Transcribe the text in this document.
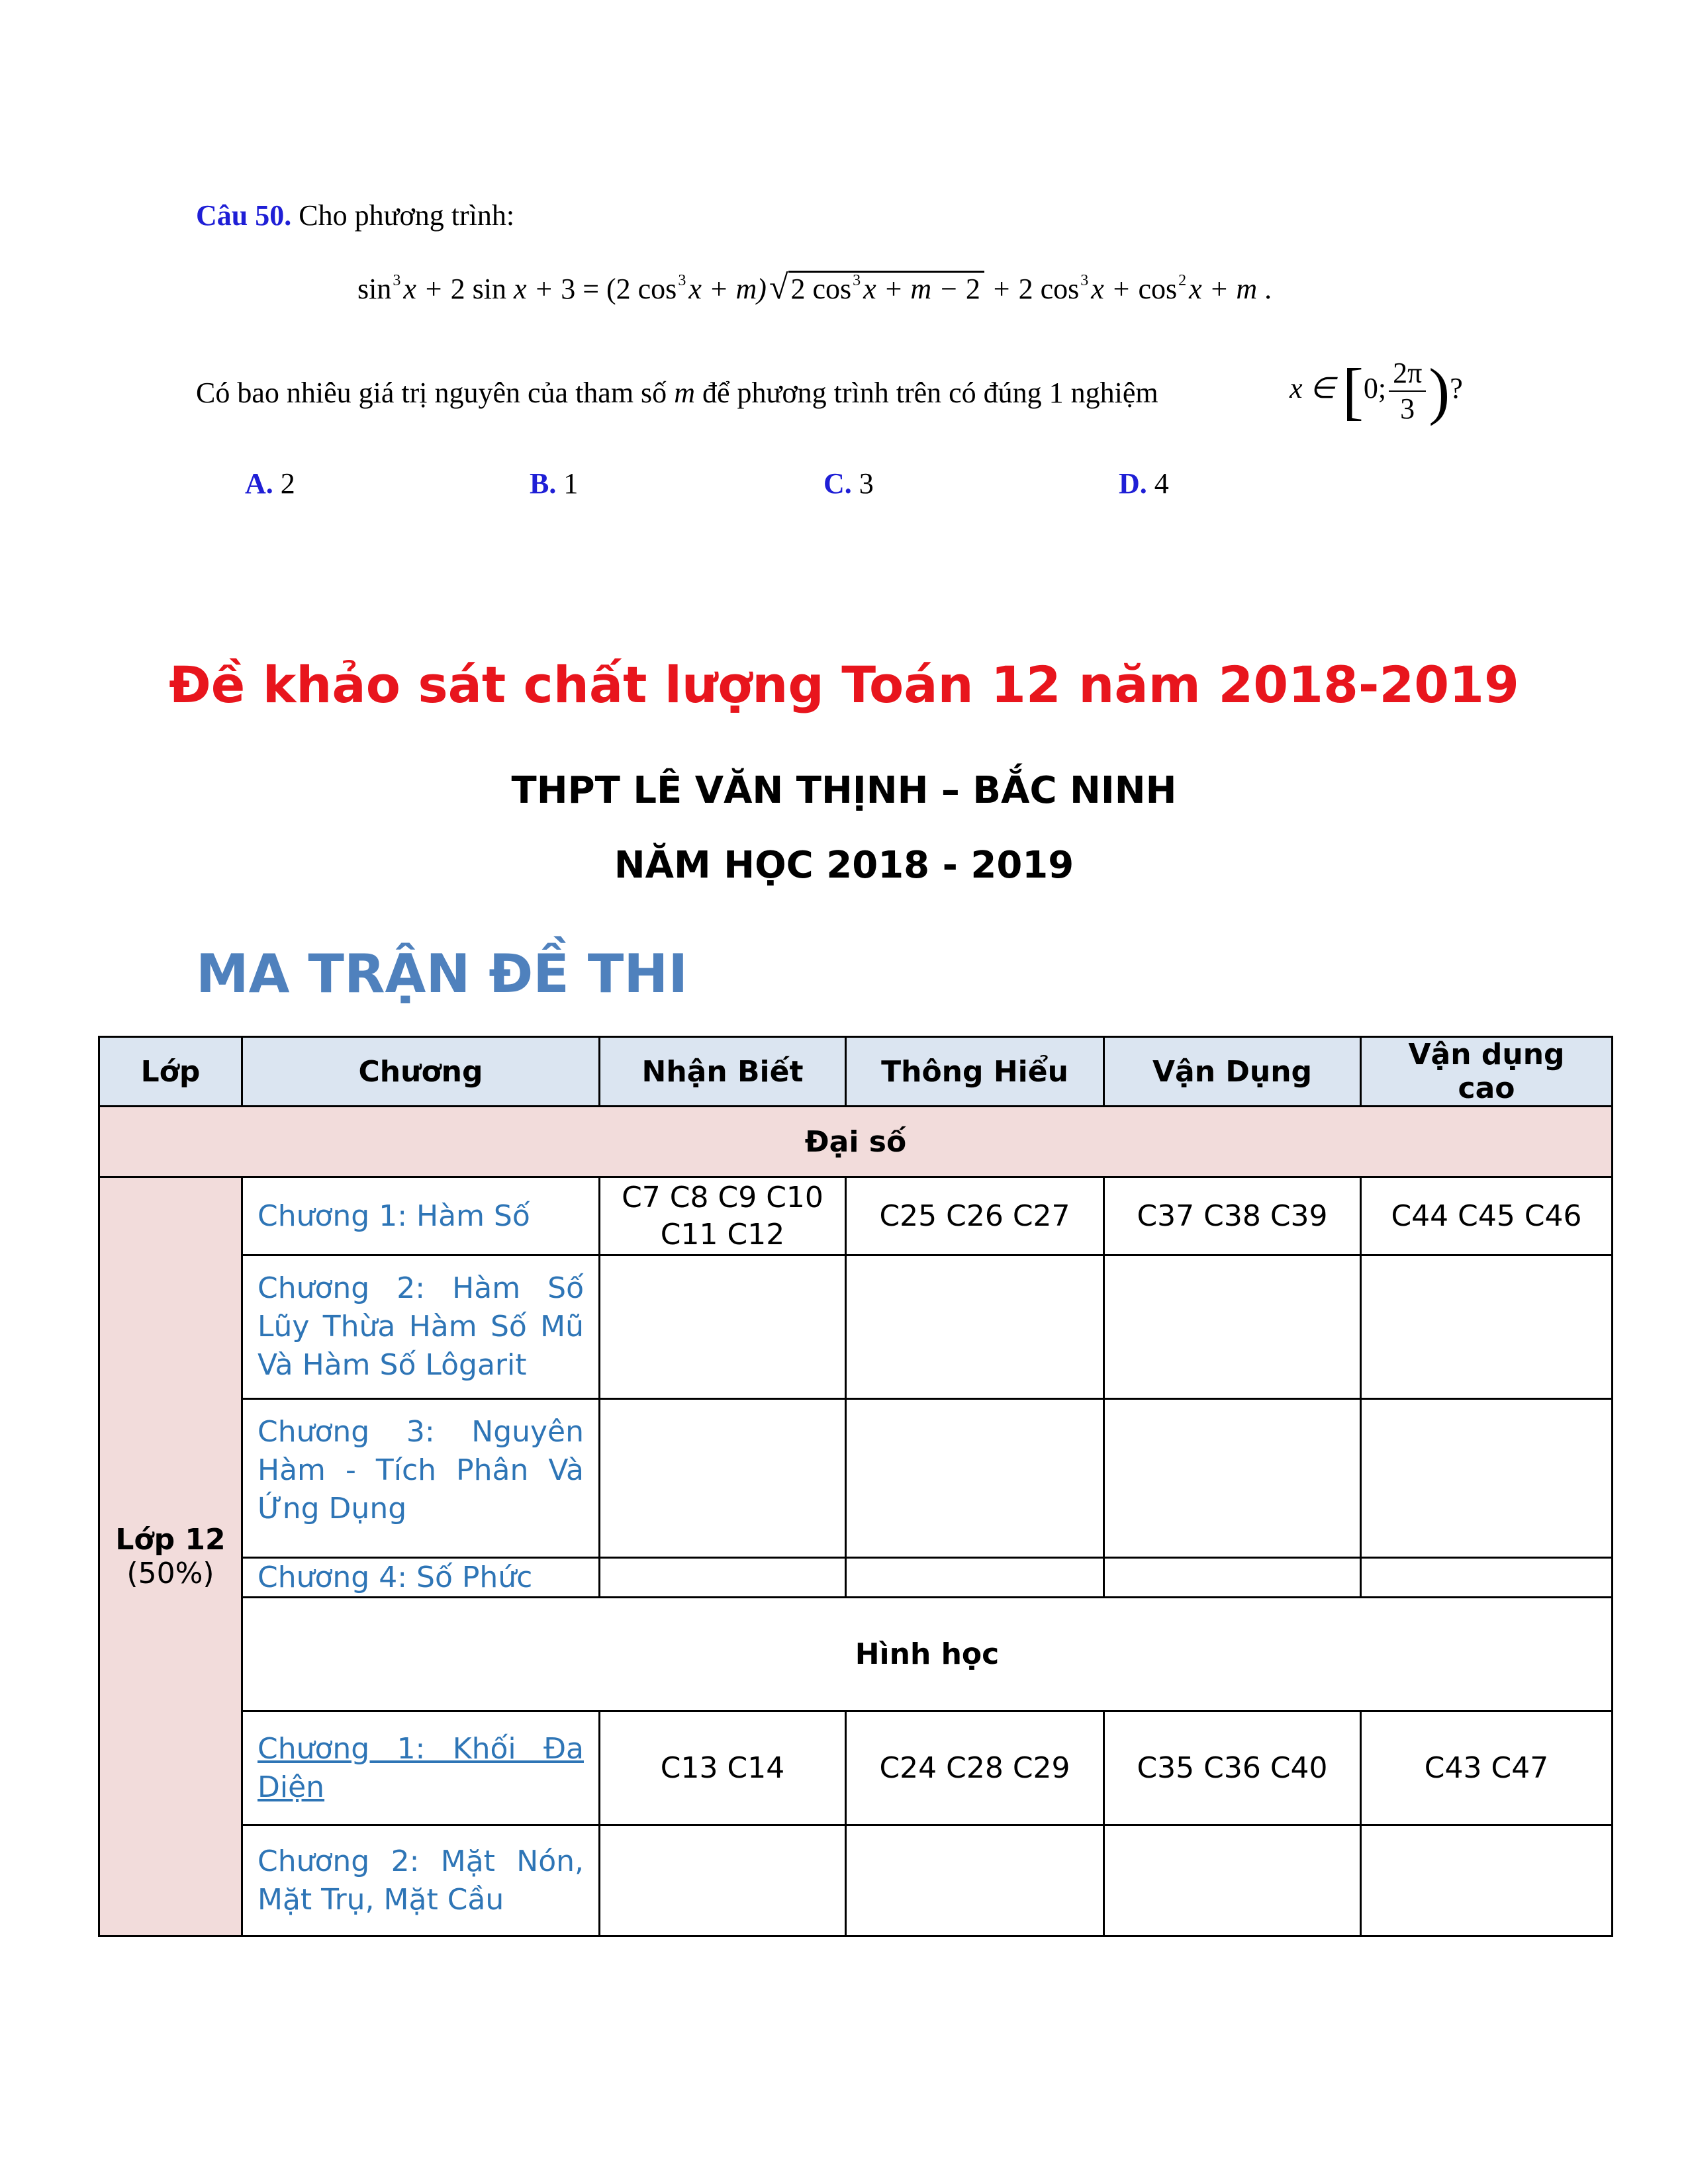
Câu 50. Cho phương trình:
$\sin^3x + 2$ sin x + 3 = (2 $\cos^3x + m)√2$ $\cos^3x + m - 2 + 2$ $\cos^3x + \cos^2x + m$ .
Có bao nhiêu giá trị nguyên của tham số m để phương trình trên có đúng 1 nghiệm	x ∈ [0; $\frac{2\pi}{3}$ )?
A. 2	B. 1	C. 3	D. 4
Đề khảo sát chất lượng Toán 12 năm 2018-2019
THPT LÊ VĂN THỊNH – BẮC NINH
NĂM HỌC 2018 - 2019
MA TRẬN ĐỀ THI
Lớp	Chương	Nhận Biết	Thông Hiểu	Vận Dụng	Vận dụng cao
Đại số					

Lớp 12
(50%)	Chương 1: Hàm Số	C7 C8 C9 C10 C11 C12	C25 C26 C27	C37 C38 C39	C44 C45 C46
	Chương 2: Hàm Số Lũy Thừa Hàm Số Mũ Và Hàm Số Lôgarit				
	Chương 3: Nguyên Hàm - Tích Phân Và Ứng Dụng				
	Chương 4: Số Phức				
	Hình học				
	Chương 1: Khối Đa Diện	C13 C14	C24 C28 C29	C35 C36 C40	C43 C47
	Chương 2: Mặt Nón, Mặt Trụ, Mặt Cầu				
